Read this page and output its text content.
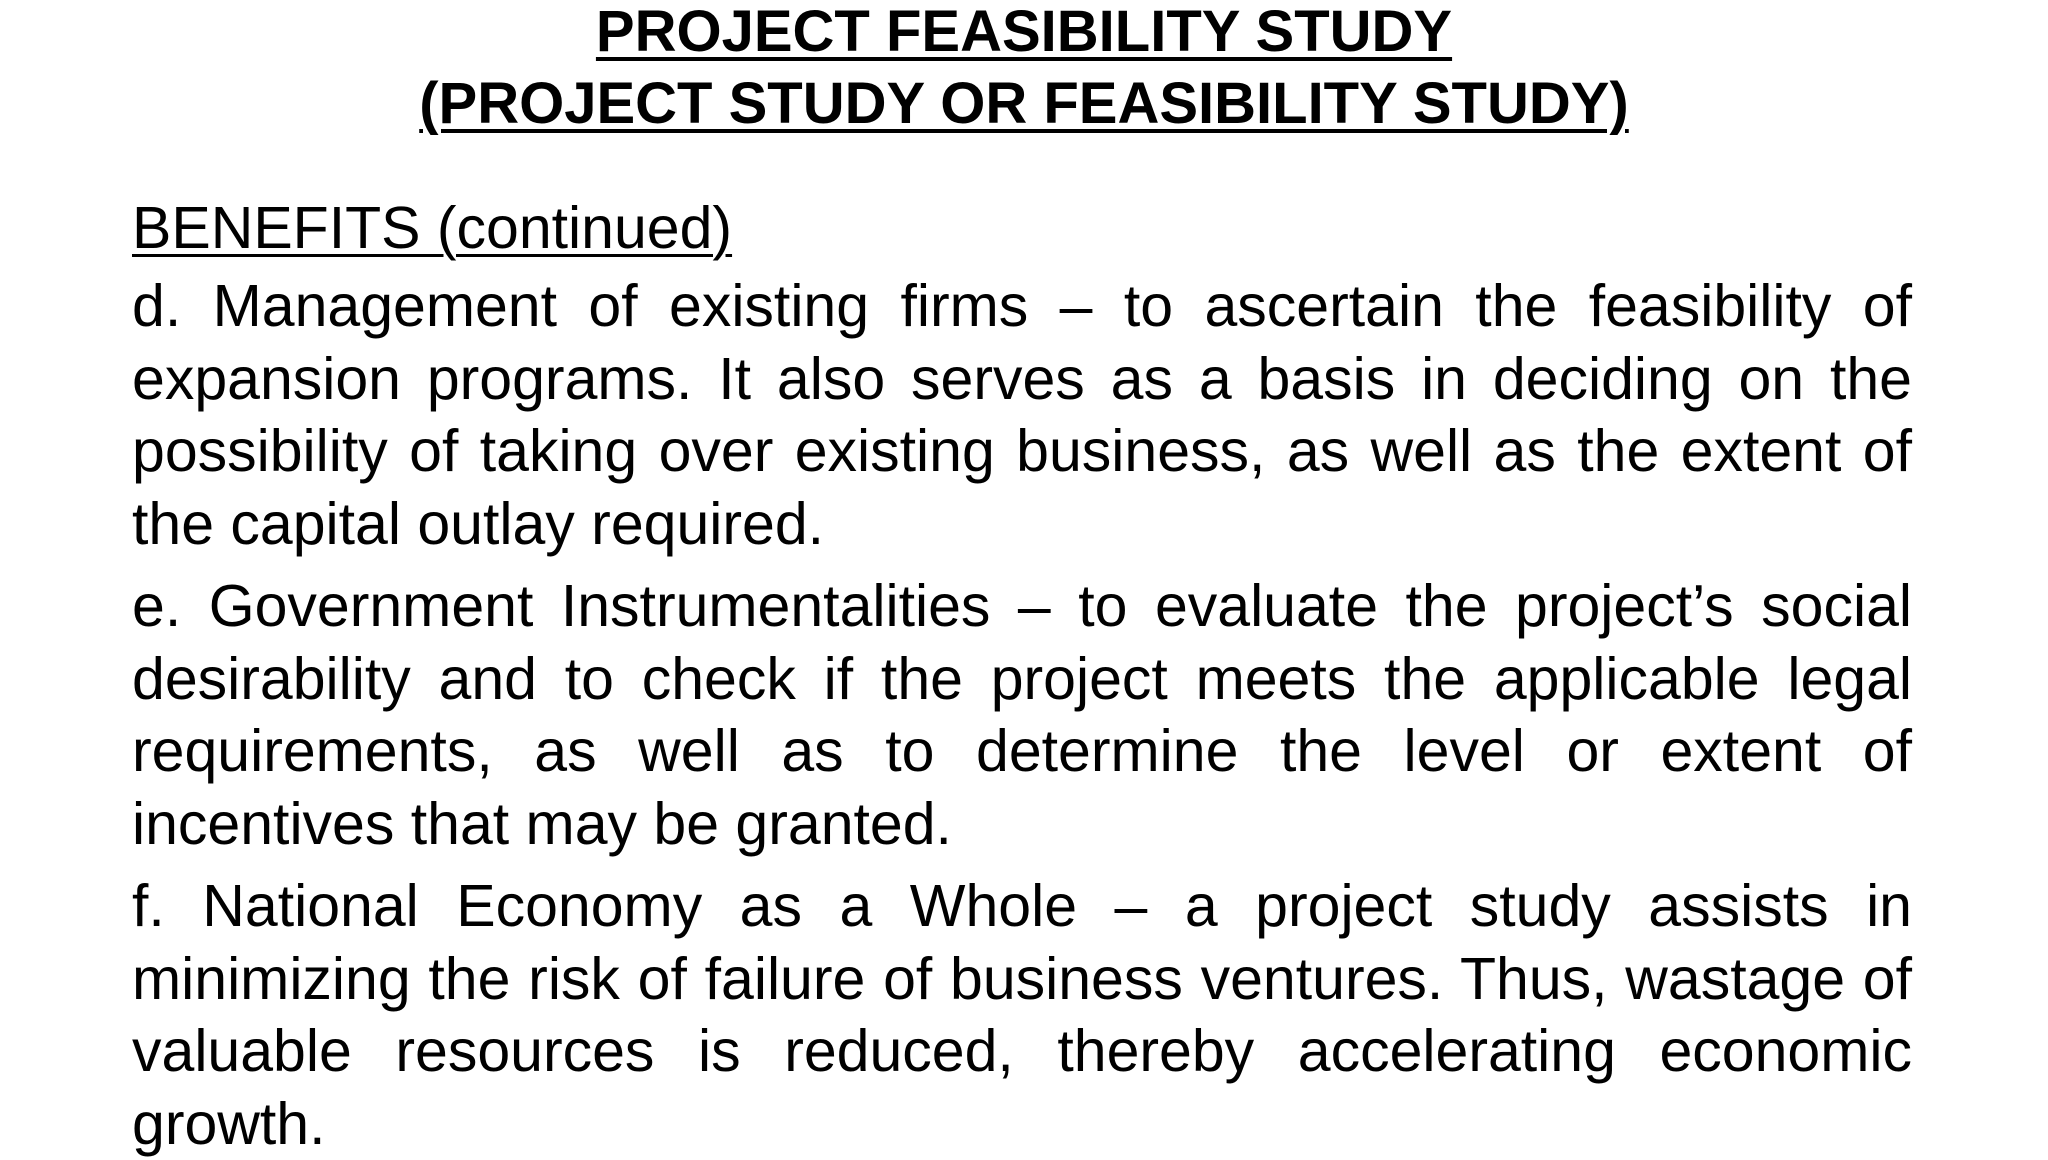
PROJECT FEASIBILITY STUDY
(PROJECT STUDY OR FEASIBILITY STUDY)
BENEFITS (continued)

d. Management of existing firms – to ascertain the feasibility of expansion programs. It also serves as a basis in deciding on the possibility of taking over existing business, as well as the extent of the capital outlay required.

e. Government Instrumentalities – to evaluate the project’s social desirability and to check if the project meets the applicable legal requirements, as well as to determine the level or extent of incentives that may be granted.

f. National Economy as a Whole – a project study assists in minimizing the risk of failure of business ventures. Thus, wastage of valuable resources is reduced, thereby accelerating economic growth.
